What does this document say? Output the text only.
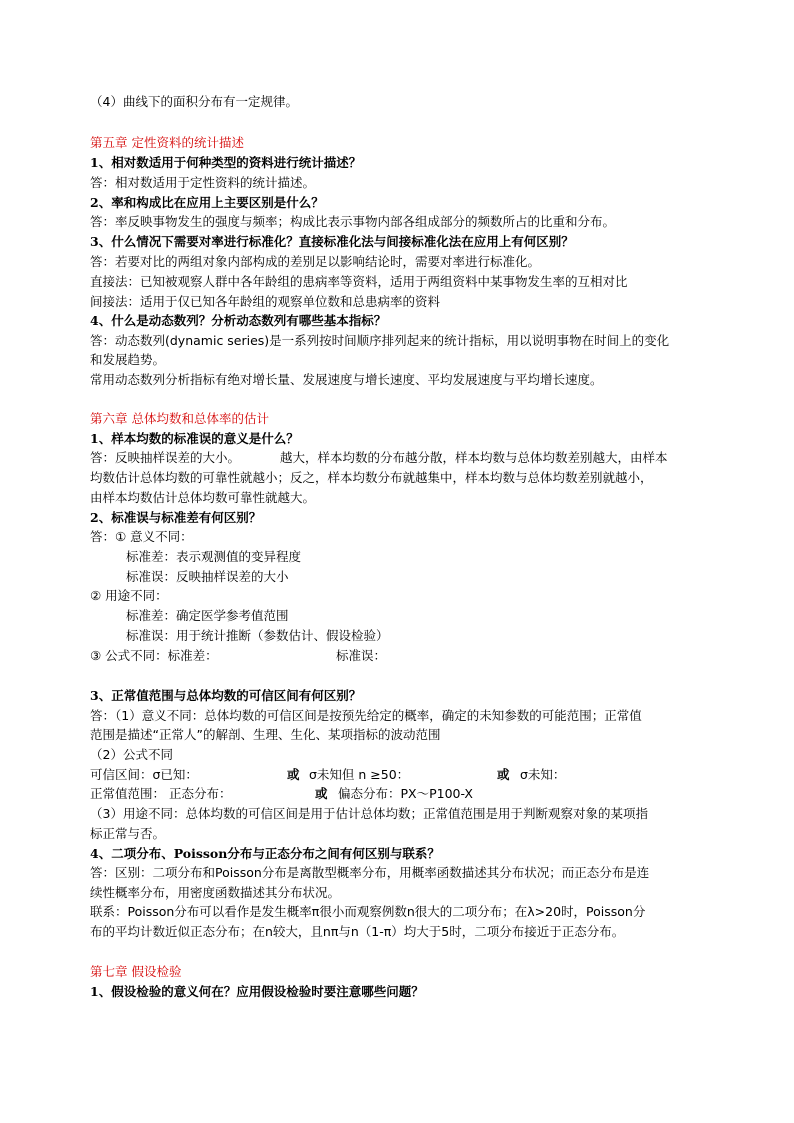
（4）曲线下的面积分布有一定规律。
第五章 定性资料的统计描述
1、相对数适用于何种类型的资料进行统计描述？
答：相对数适用于定性资料的统计描述。
2、率和构成比在应用上主要区别是什么？
答：率反映事物发生的强度与频率；构成比表示事物内部各组成部分的频数所占的比重和分布。
3、什么情况下需要对率进行标准化？直接标准化法与间接标准化法在应用上有何区别？
答：若要对比的两组对象内部构成的差别足以影响结论时，需要对率进行标准化。
直接法：已知被观察人群中各年龄组的患病率等资料，适用于两组资料中某事物发生率的互相对比
间接法：适用于仅已知各年龄组的观察单位数和总患病率的资料
4、什么是动态数列？分析动态数列有哪些基本指标？
答：动态数列(dynamic series)是一系列按时间顺序排列起来的统计指标，用以说明事物在时间上的变化
和发展趋势。
常用动态数列分析指标有绝对增长量、发展速度与增长速度、平均发展速度与平均增长速度。
第六章 总体均数和总体率的估计
1、样本均数的标准误的意义是什么？
答：反映抽样误差的大小。	越大，样本均数的分布越分散，样本均数与总体均数差别越大，由样本
均数估计总体均数的可靠性就越小；反之，样本均数分布就越集中，样本均数与总体均数差别就越小，
由样本均数估计总体均数可靠性就越大。
2、标准误与标准差有何区别？
答：① 意义不同：
标准差：表示观测值的变异程度
标准误：反映抽样误差的大小
② 用途不同：
标准差：确定医学参考值范围
标准误：用于统计推断（参数估计、假设检验）
③ 公式不同：标准差：	标准误：
3、正常值范围与总体均数的可信区间有何区别？
答：（1）意义不同：总体均数的可信区间是按预先给定的概率，确定的未知参数的可能范围；正常值
范围是描述“正常人”的解剖、生理、生化、某项指标的波动范围
（2）公式不同
可信区间：σ已知：	或 σ未知但 n ≥50：	或 σ未知：
正常值范围： 正态分布：	或 偏态分布：PX～P100-X
（3）用途不同：总体均数的可信区间是用于估计总体均数；正常值范围是用于判断观察对象的某项指
标正常与否。
4、二项分布、Poisson分布与正态分布之间有何区别与联系？
答：区别：二项分布和Poisson分布是离散型概率分布，用概率函数描述其分布状况；而正态分布是连
续性概率分布，用密度函数描述其分布状况。
联系：Poisson分布可以看作是发生概率π很小而观察例数n很大的二项分布；在λ>20时，Poisson分
布的平均计数近似正态分布；在n较大，且nπ与n（1-π）均大于5时，二项分布接近于正态分布。
第七章 假设检验
1、假设检验的意义何在？应用假设检验时要注意哪些问题？
